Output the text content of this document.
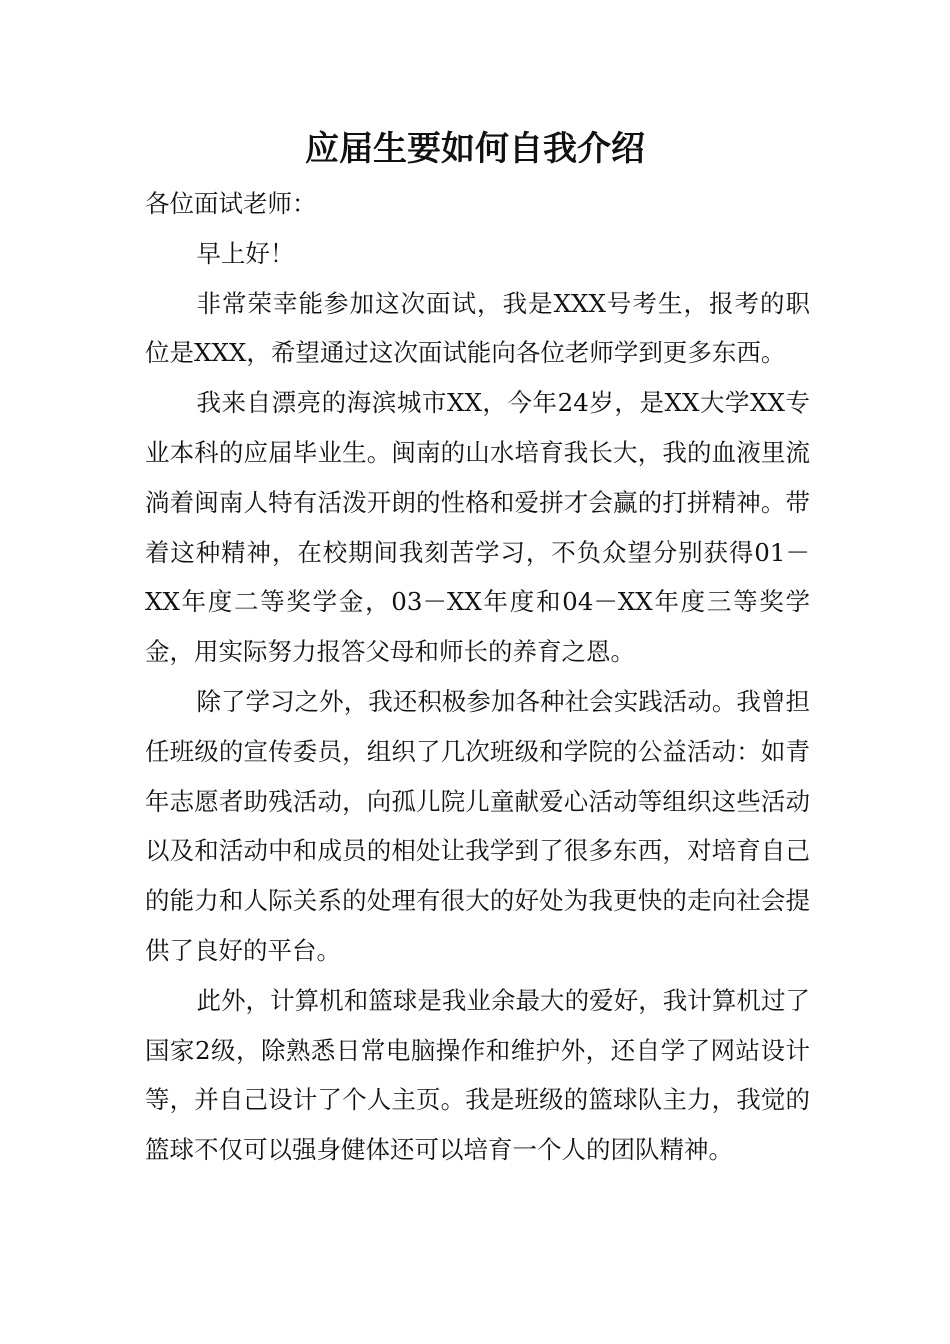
应届生要如何自我介绍

各位面试老师：

早上好！

非常荣幸能参加这次面试，我是XXX号考生，报考的职位是XXX，希望通过这次面试能向各位老师学到更多东西。

我来自漂亮的海滨城市XX，今年24岁，是XX大学XX专业本科的应届毕业生。闽南的山水培育我长大，我的血液里流淌着闽南人特有活泼开朗的性格和爱拼才会赢的打拼精神。带着这种精神，在校期间我刻苦学习，不负众望分别获得01－XX年度二等奖学金，03－XX年度和04－XX年度三等奖学金，用实际努力报答父母和师长的养育之恩。

除了学习之外，我还积极参加各种社会实践活动。我曾担任班级的宣传委员，组织了几次班级和学院的公益活动：如青年志愿者助残活动，向孤儿院儿童献爱心活动等组织这些活动以及和活动中和成员的相处让我学到了很多东西，对培育自己的能力和人际关系的处理有很大的好处为我更快的走向社会提供了良好的平台。

此外，计算机和篮球是我业余最大的爱好，我计算机过了国家2级，除熟悉日常电脑操作和维护外，还自学了网站设计等，并自己设计了个人主页。我是班级的篮球队主力，我觉的篮球不仅可以强身健体还可以培育一个人的团队精神。
